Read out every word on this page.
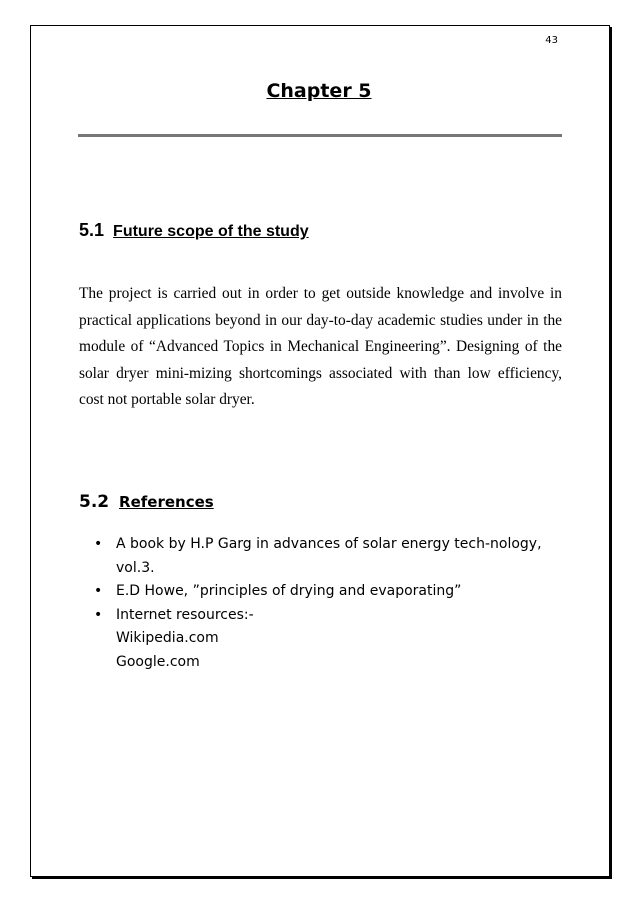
43
Chapter 5
5.1 Future scope of the study
The project is carried out in order to get outside knowledge and involve in practical applications beyond in our day-to-day academic studies under in the module of “Advanced Topics in Mechanical Engineering”. Designing of the solar dryer mini-mizing shortcomings associated with than low efficiency, cost not portable solar dryer.
5.2 References
• A book by H.P Garg in advances of solar energy tech-nology, vol.3.
• E.D Howe, ”principles of drying and evaporating”
• Internet resources:-
Wikipedia.com
Google.com
